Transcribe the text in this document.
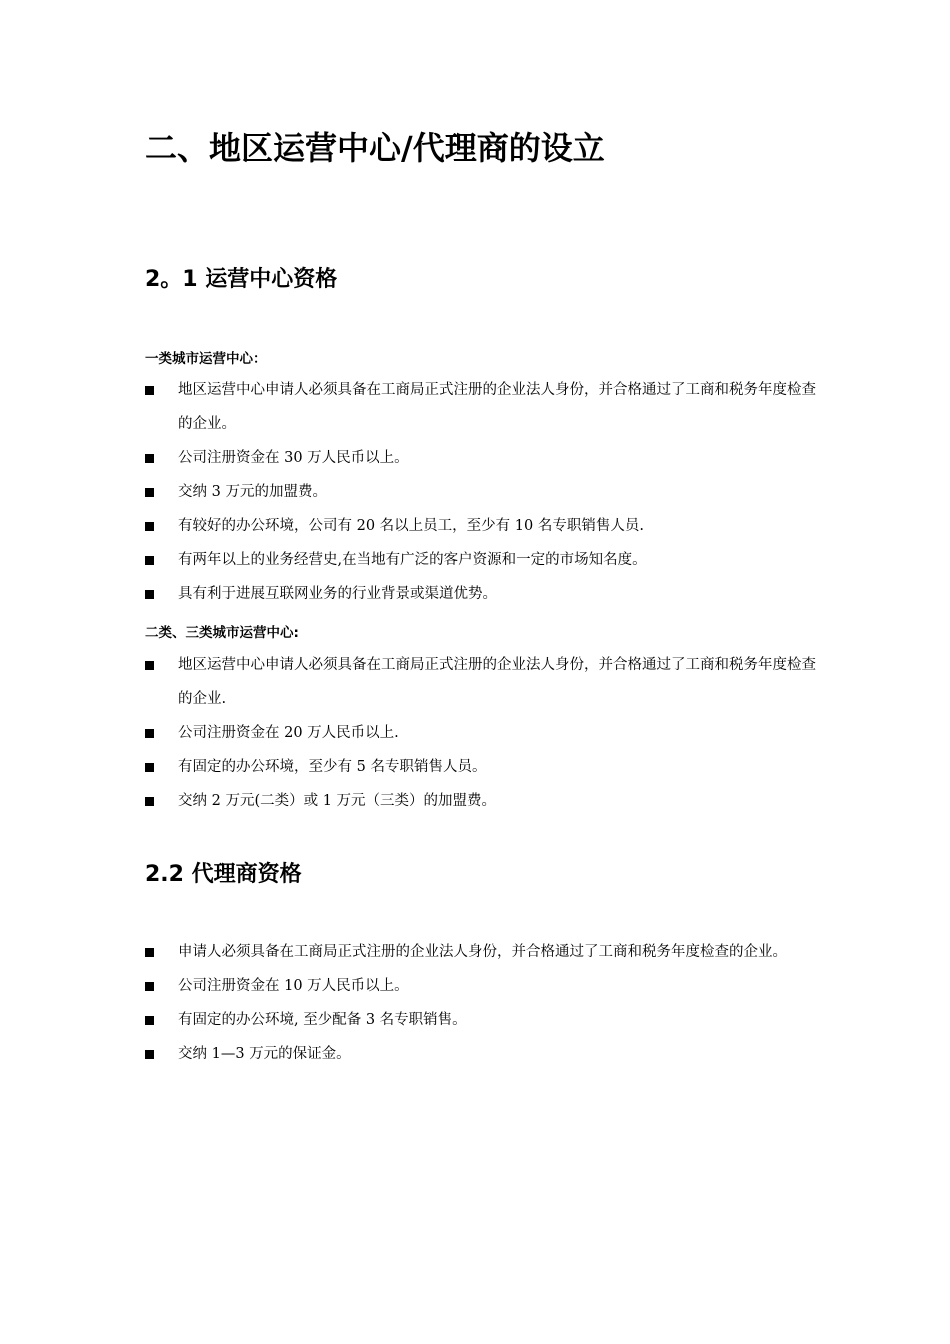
二、地区运营中心/代理商的设立
2。1 运营中心资格
一类城市运营中心：
地区运营中心申请人必须具备在工商局正式注册的企业法人身份，并合格通过了工商和税务年度检查的企业。
公司注册资金在 30 万人民币以上。
交纳 3 万元的加盟费。
有较好的办公环境，公司有 20 名以上员工，至少有 10 名专职销售人员.
有两年以上的业务经营史,在当地有广泛的客户资源和一定的市场知名度。
具有利于进展互联网业务的行业背景或渠道优势。
二类、三类城市运营中心:
地区运营中心申请人必须具备在工商局正式注册的企业法人身份，并合格通过了工商和税务年度检查的企业.
公司注册资金在 20 万人民币以上.
有固定的办公环境，至少有 5 名专职销售人员。
交纳 2 万元(二类）或 1 万元（三类）的加盟费。
2.2 代理商资格
申请人必须具备在工商局正式注册的企业法人身份，并合格通过了工商和税务年度检查的企业。
公司注册资金在 10 万人民币以上。
有固定的办公环境, 至少配备 3 名专职销售。
交纳 1—3 万元的保证金。
